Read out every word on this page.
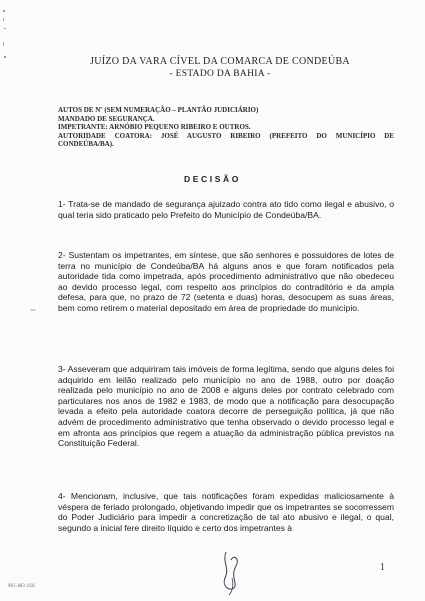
JUÍZO DA VARA CÍVEL DA COMARCA DE CONDEÚBA
- ESTADO DA BAHIA -
AUTOS DE Nº (SEM NUMERAÇÃO – PLANTÃO JUDICIÁRIO)
MANDADO DE SEGURANÇA.
IMPETRANTE: ARNÓBIO PEQUENO RIBEIRO E OUTROS.
AUTORIDADE COATORA: JOSÉ AUGUSTO RIBEIRO (PREFEITO DO MUNICÍPIO DE CONDEÚBA/BA).
DECISÃO
1- Trata-se de mandado de segurança ajuizado contra ato tido como ilegal e abusivo, o qual teria sido praticado pelo Prefeito do Município de Condeúba/BA.
2- Sustentam os impetrantes, em síntese, que são senhores e possuidores de lotes de terra no município de Condeúba/BA há alguns anos e que foram notificados pela autoridade tida como impetrada, após procedimento administrativo que não obedeceu ao devido processo legal, com respeito aos princípios do contraditório e da ampla defesa, para que, no prazo de 72 (setenta e duas) horas, desocupem as suas áreas, bem como retirem o material depositado em área de propriedade do município.
3- Asseveram que adquiriram tais imóveis de forma legítima, sendo que alguns deles foi adquirido em leilão realizado pelo município no ano de 1988, outro por doação realizada pelo município no ano de 2008 e alguns deles por contrato celebrado com particulares nos anos de 1982 e 1983, de modo que a notificação para desocupação levada a efeito pela autoridade coatora decorre de perseguição política, já que não advém de procedimento administrativo que tenha observado o devido processo legal e em afronta aos princípios que regem a atuação da administração pública previstos na Constituição Federal.
4- Mencionam, inclusive, que tais notificações foram expedidas maliciosamente à véspera de feriado prolongado, objetivando impedir que os impetrantes se socorressem do Poder Judiciário para impedir a concretização de tal ato abusivo e ilegal, o qual, segundo a inicial fere direito líquido e certo dos impetrantes à
1
981.083.010
